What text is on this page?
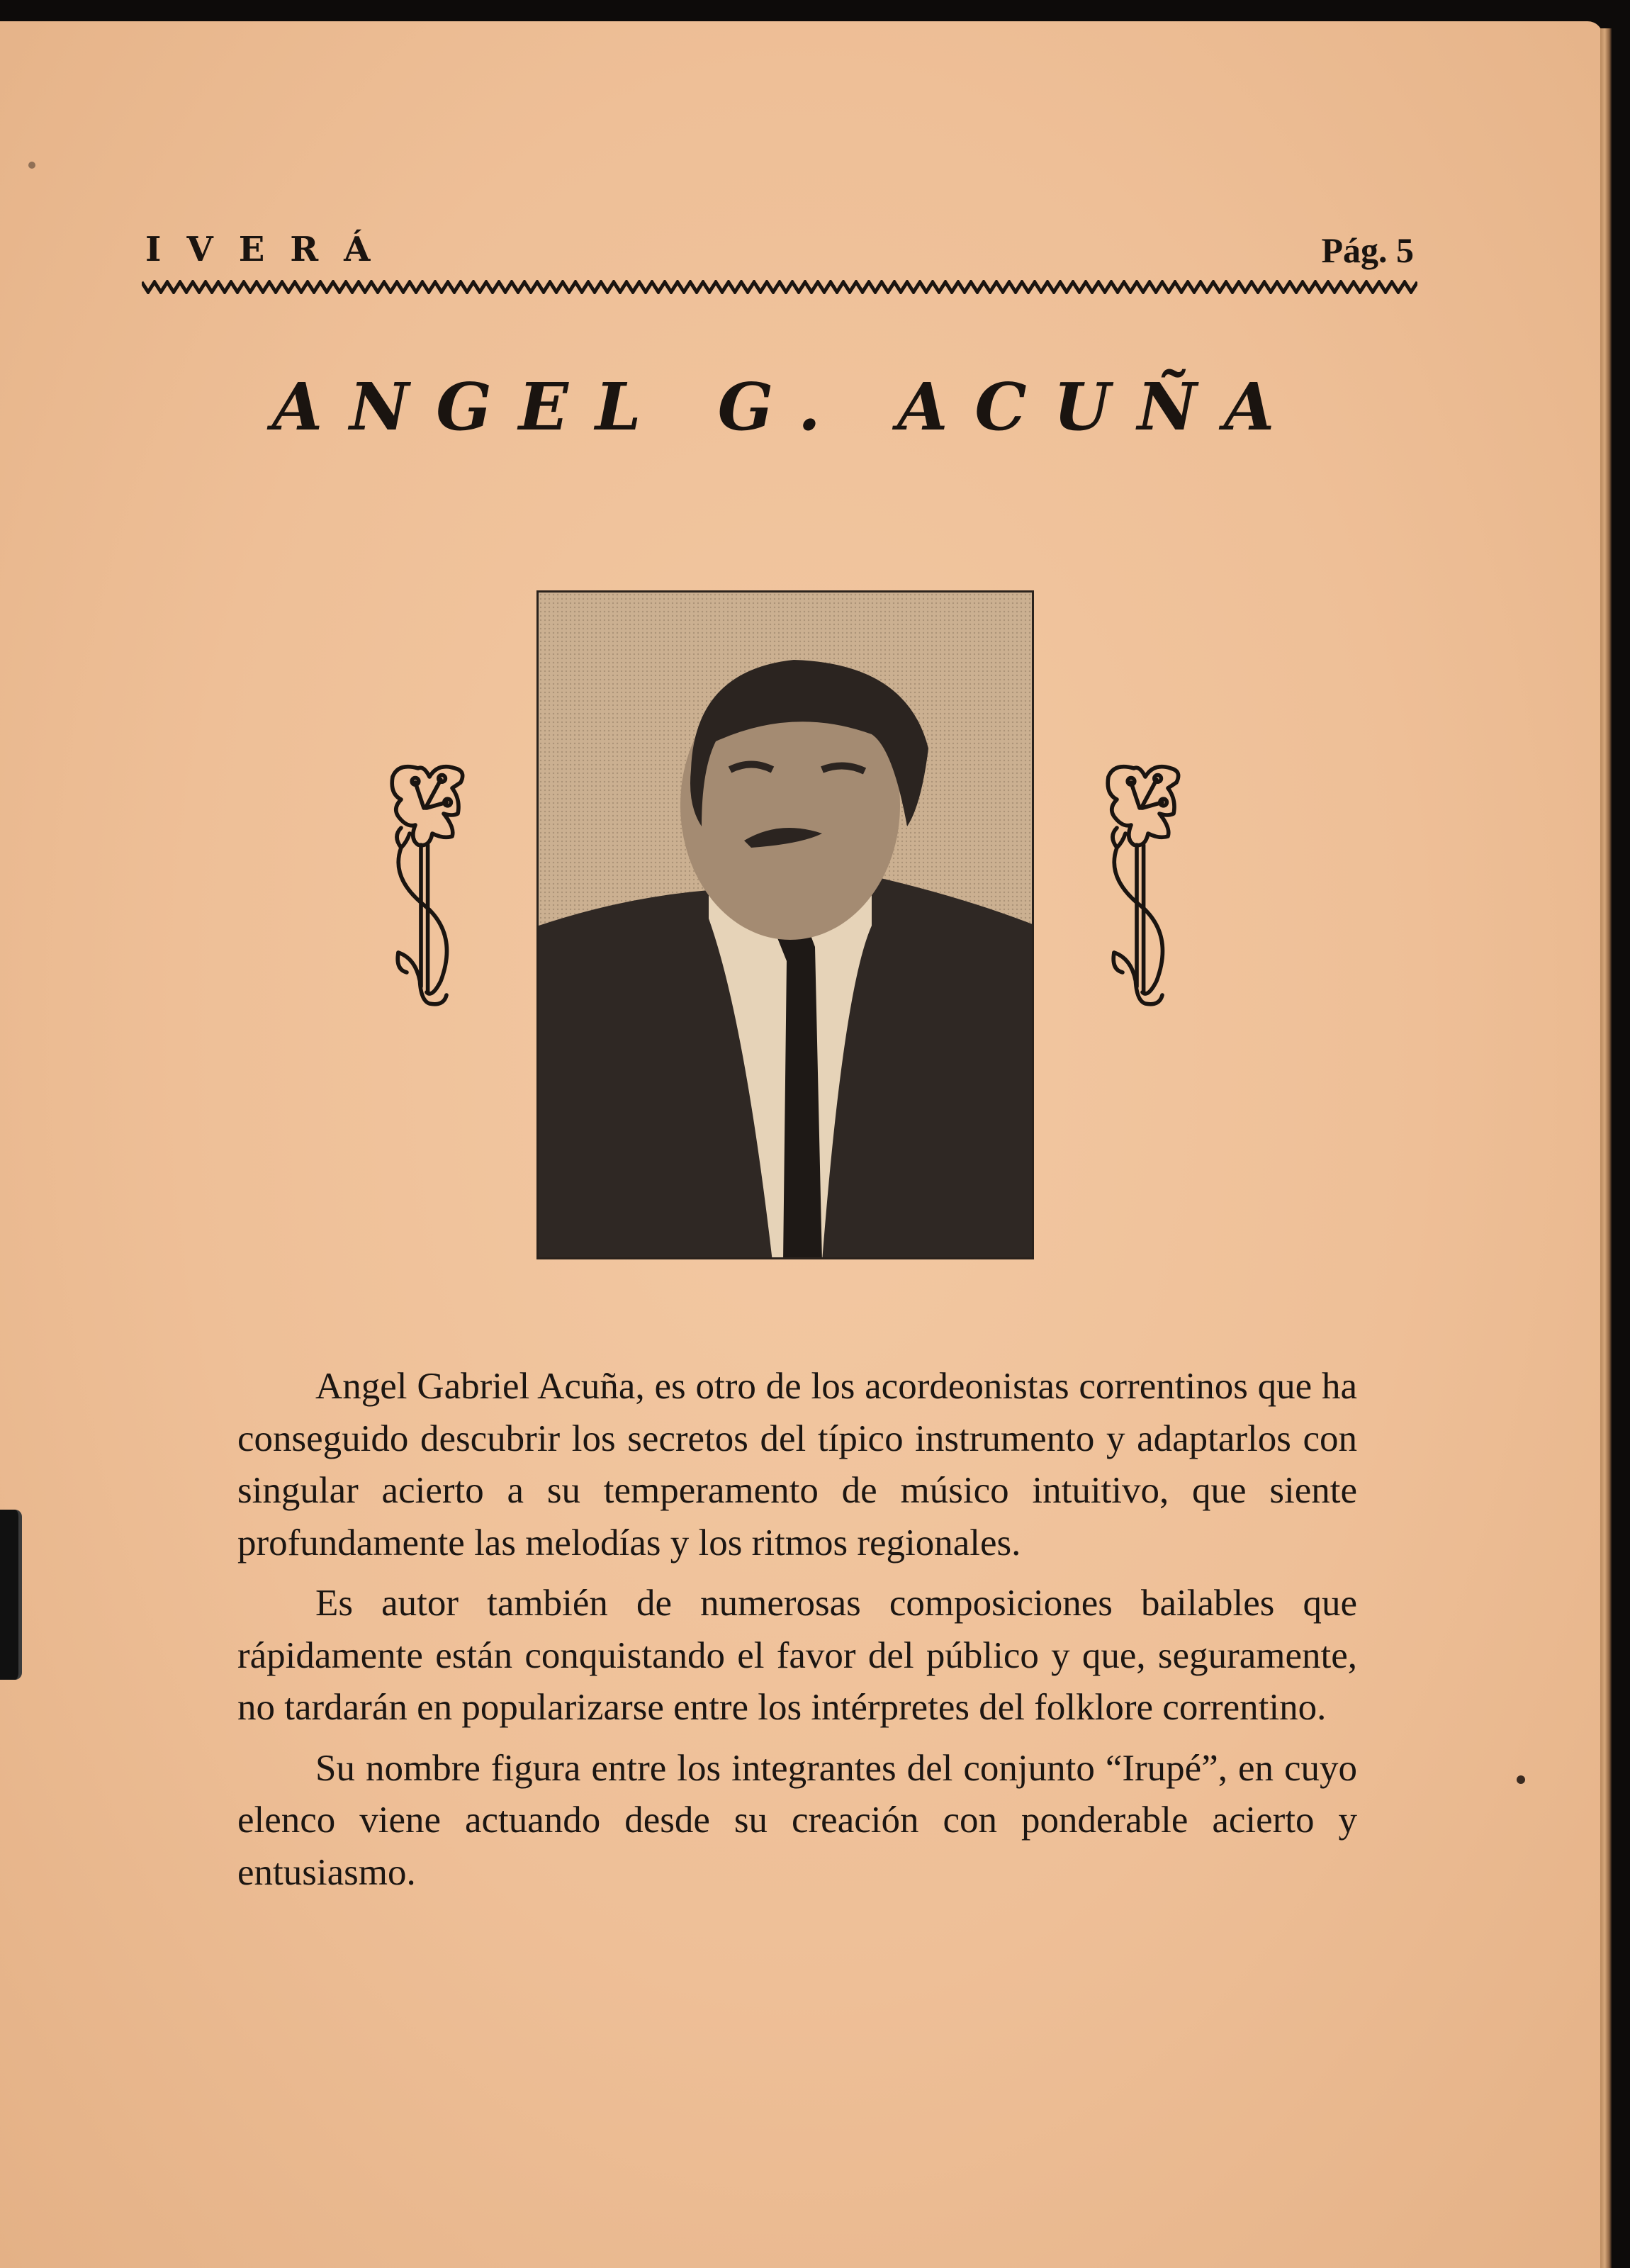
IVERÁ	Pág. 5
ANGEL G. ACUÑA

Angel Gabriel Acuña, es otro de los acordeonistas correntinos que ha conseguido descubrir los secretos del típico instrumento y adaptarlos con singular acierto a su temperamento de músico intuitivo, que siente profundamente las melodías y los ritmos regionales.

Es autor también de numerosas composiciones bailables que rápidamente están conquistando el favor del público y que, seguramente, no tardarán en popularizarse entre los intérpretes del folklore correntino.

Su nombre figura entre los integrantes del conjunto “Irupé”, en cuyo elenco viene actuando desde su creación con ponderable acierto y entusiasmo.
